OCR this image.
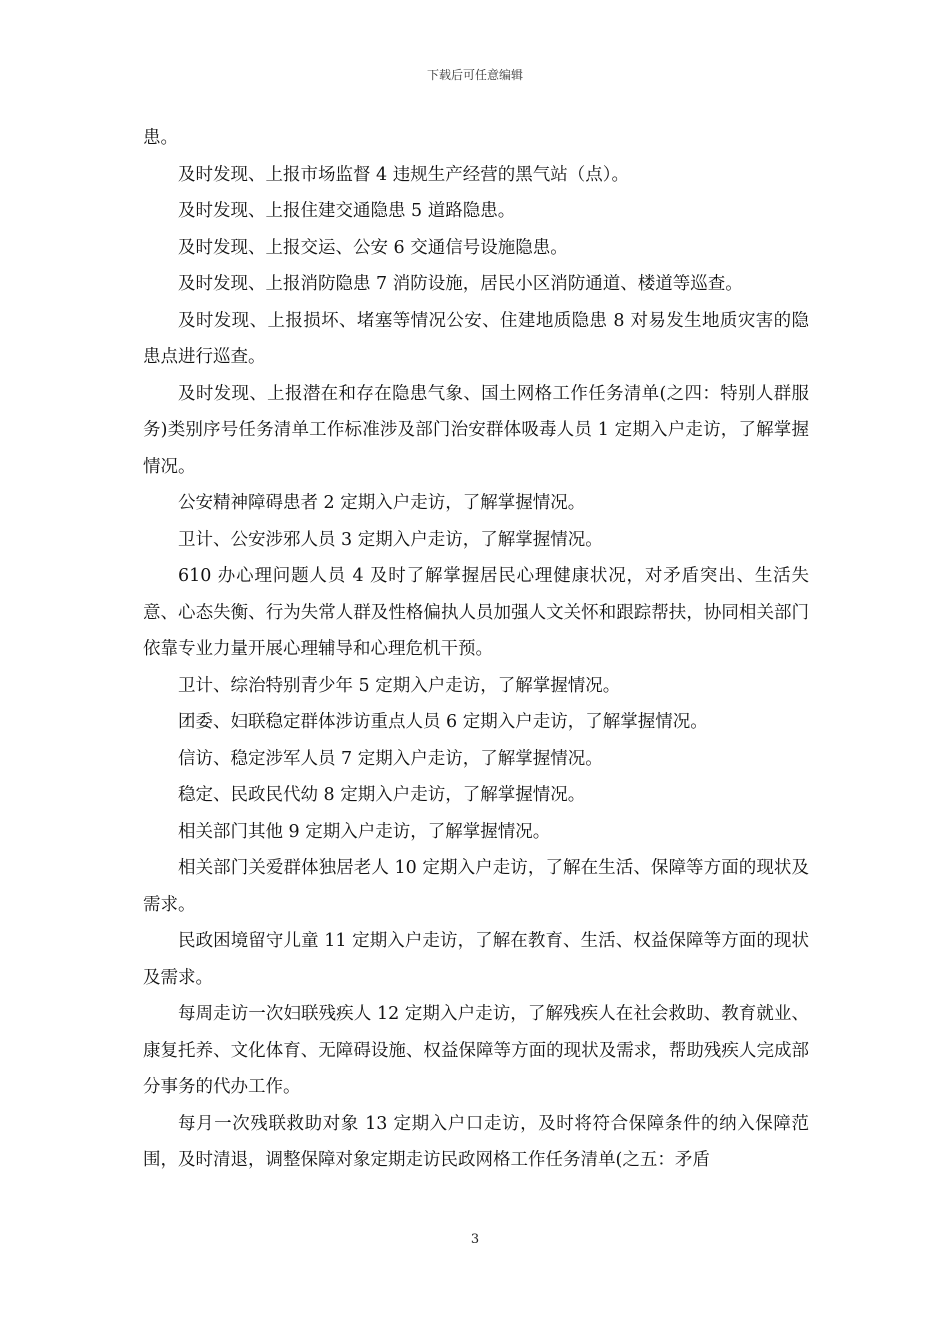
下载后可任意编辑

患。

及时发现、上报市场监督 4 违规生产经营的黑气站（点）。

及时发现、上报住建交通隐患 5 道路隐患。

及时发现、上报交运、公安 6 交通信号设施隐患。

及时发现、上报消防隐患 7 消防设施，居民小区消防通道、楼道等巡查。

及时发现、上报损坏、堵塞等情况公安、住建地质隐患 8 对易发生地质灾害的隐患点进行巡查。

及时发现、上报潜在和存在隐患气象、国土网格工作任务清单(之四：特别人群服务)类别序号任务清单工作标准涉及部门治安群体吸毒人员 1 定期入户走访，了解掌握情况。

公安精神障碍患者 2 定期入户走访，了解掌握情况。

卫计、公安涉邪人员 3 定期入户走访，了解掌握情况。

610 办心理问题人员 4 及时了解掌握居民心理健康状况，对矛盾突出、生活失意、心态失衡、行为失常人群及性格偏执人员加强人文关怀和跟踪帮扶，协同相关部门依靠专业力量开展心理辅导和心理危机干预。

卫计、综治特别青少年 5 定期入户走访，了解掌握情况。

团委、妇联稳定群体涉访重点人员 6 定期入户走访，了解掌握情况。

信访、稳定涉军人员 7 定期入户走访，了解掌握情况。

稳定、民政民代幼 8 定期入户走访，了解掌握情况。

相关部门其他 9 定期入户走访，了解掌握情况。

相关部门关爱群体独居老人 10 定期入户走访，了解在生活、保障等方面的现状及需求。

民政困境留守儿童 11 定期入户走访，了解在教育、生活、权益保障等方面的现状及需求。

每周走访一次妇联残疾人 12 定期入户走访，了解残疾人在社会救助、教育就业、康复托养、文化体育、无障碍设施、权益保障等方面的现状及需求，帮助残疾人完成部分事务的代办工作。

每月一次残联救助对象 13 定期入户口走访，及时将符合保障条件的纳入保障范围，及时清退，调整保障对象定期走访民政网格工作任务清单(之五：矛盾

3
